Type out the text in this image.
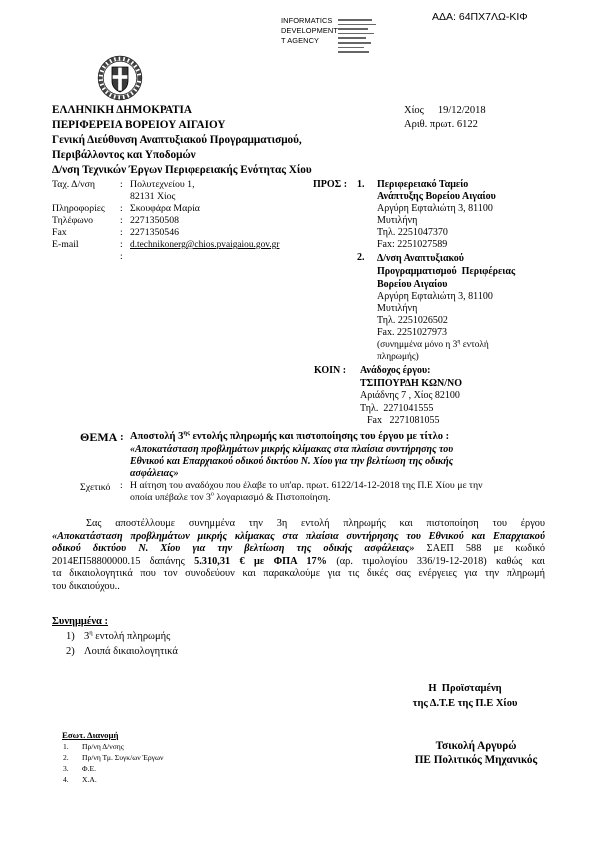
ΑΔΑ: 64ΠΧ7ΛΩ-ΚΙΦ
INFORMATICS
DEVELOPMENT
T AGENCY
ΕΛΛΗΝΙΚΗ ΔΗΜΟΚΡΑΤΙΑ
ΠΕΡΙΦΕΡΕΙΑ ΒΟΡΕΙΟΥ ΑΙΓΑΙΟΥ
Γενική Διεύθυνση Αναπτυξιακού Προγραμματισμού,
Περιβάλλοντος και Υποδομών
Δ/νση Τεχνικών Έργων Περιφερειακής Ενότητας Χίου
Χίος 19/12/2018
Αριθ. πρωτ. 6122
Ταχ. Δ/νση	: Πολυτεχνείου 1,
82131 Χίος
Πληροφορίες	: Σκουφάρα Μαρία
Τηλέφωνο	: 2271350508
Fax	: 2271350546
E-mail	: d.technikonerg@chios.pvaigaiou.gov.gr
:
ΠΡΟΣ : 1. Περιφερειακό Ταμείο
Ανάπτυξης Βορείου Αιγαίου
Αργύρη Εφταλιώτη 3, 81100
Μυτιλήνη
Τηλ. 2251047370
Fax: 2251027589
2. Δ/νση Αναπτυξιακού
Προγραμματισμού  Περιφέρειας
Βορείου Αιγαίου
Αργύρη Εφταλιώτη 3, 81100
Μυτιλήνη
Τηλ. 2251026502
Fax. 2251027973
(συνημμένα μόνο η $3^\eta$ εντολή
πληρωμής)
ΚΟΙΝ : Ανάδοχος έργου:
ΤΣΙΠΟΥΡΔΗ ΚΩΝ/ΝΟ
Αριάδνης 7 , Χίος 82100
Τηλ.  2271041555
Fax   2271081055
ΘΕΜΑ : Αποστολή $3^{\eta\varsigma}$ εντολής πληρωμής και πιστοποίησης του έργου με τίτλο :
«Αποκατάσταση προβλημάτων μικρής κλίμακας στα πλαίσια συντήρησης του
Εθνικού και Επαρχιακού οδικού δικτύου Ν. Χίου για την βελτίωση της οδικής
ασφάλειας»
Σχετικό : Η αίτηση του αναδόχου που έλαβε το υπ'αρ. πρωτ. 6122/14-12-2018 της Π.Ε Χίου με την
οποία υπέβαλε τον $3^o$ λογαριασμό & Πιστοποίηση.
Σας αποστέλλουμε συνημμένα την 3η εντολή πληρωμής και πιστοποίηση του έργου
«Αποκατάσταση προβλημάτων μικρής κλίμακας στα πλαίσια συντήρησης του Εθνικού και Επαρχιακού
οδικού δικτύου Ν. Χίου για την βελτίωση της οδικής ασφάλειας» ΣΑΕΠ 588 με κωδικό
2014ΕΠ58800000.15 δαπάνης 5.310,31 € με ΦΠΑ 17% (αρ. τιμολογίου 336/19-12-2018) καθώς και
τα δικαιολογητικά που τον συνοδεύουν και παρακαλούμε για τις δικές σας ενέργειες για την πληρωμή
του δικαιούχου..
Συνημμένα :
1) $3^\eta$ εντολή πληρωμής
2) Λοιπά δικαιολογητικά
Η  Προϊσταμένη
της Δ.Τ.Ε της Π.Ε Χίου
Εσωτ. Διανομή
1.	Πρ/νη Δ/νσης
2.	Πρ/νη Τμ. Συγκ/ων Έργων
3.	Φ.Ε.
4.	Χ.Α.
Τσικολή Αργυρώ
ΠΕ Πολιτικός Μηχανικός
